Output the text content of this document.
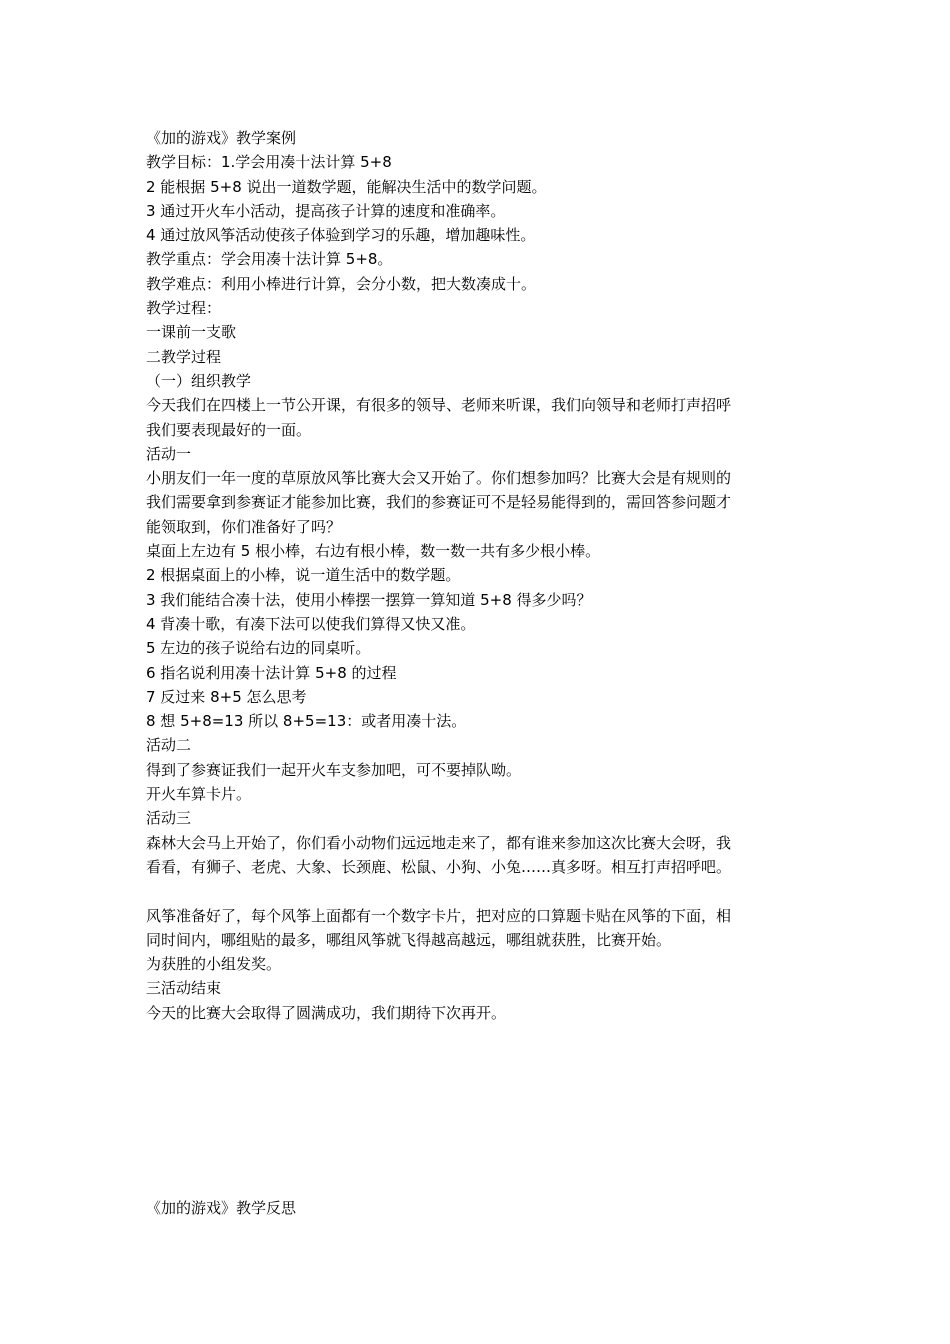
《加的游戏》教学案例
教学目标：1.学会用凑十法计算 5+8
2 能根据 5+8 说出一道数学题，能解决生活中的数学问题。
3 通过开火车小活动，提高孩子计算的速度和准确率。
4 通过放风筝活动使孩子体验到学习的乐趣，增加趣味性。
教学重点：学会用凑十法计算 5+8。
教学难点：利用小棒进行计算，会分小数，把大数凑成十。
教学过程：
一课前一支歌
二教学过程
（一）组织教学
今天我们在四楼上一节公开课，有很多的领导、老师来听课，我们向领导和老师打声招呼
我们要表现最好的一面。
活动一
小朋友们一年一度的草原放风筝比赛大会又开始了。你们想参加吗？比赛大会是有规则的
我们需要拿到参赛证才能参加比赛，我们的参赛证可不是轻易能得到的，需回答参问题才
能领取到，你们准备好了吗？
桌面上左边有 5 根小棒，右边有根小棒，数一数一共有多少根小棒。
2 根据桌面上的小棒，说一道生活中的数学题。
3 我们能结合凑十法，使用小棒摆一摆算一算知道 5+8 得多少吗？
4 背凑十歌，有凑下法可以使我们算得又快又准。
5 左边的孩子说给右边的同桌听。
6 指名说利用凑十法计算 5+8 的过程
7 反过来 8+5 怎么思考
8 想 5+8=13 所以 8+5=13：或者用凑十法。
活动二
得到了参赛证我们一起开火车支参加吧，可不要掉队呦。
开火车算卡片。
活动三
森林大会马上开始了，你们看小动物们远远地走来了，都有谁来参加这次比赛大会呀，我
看看，有狮子、老虎、大象、长颈鹿、松鼠、小狗、小兔……真多呀。相互打声招呼吧。
风筝准备好了，每个风筝上面都有一个数字卡片，把对应的口算题卡贴在风筝的下面，相
同时间内，哪组贴的最多，哪组风筝就飞得越高越远，哪组就获胜，比赛开始。
为获胜的小组发奖。
三活动结束
今天的比赛大会取得了圆满成功，我们期待下次再开。
《加的游戏》教学反思
